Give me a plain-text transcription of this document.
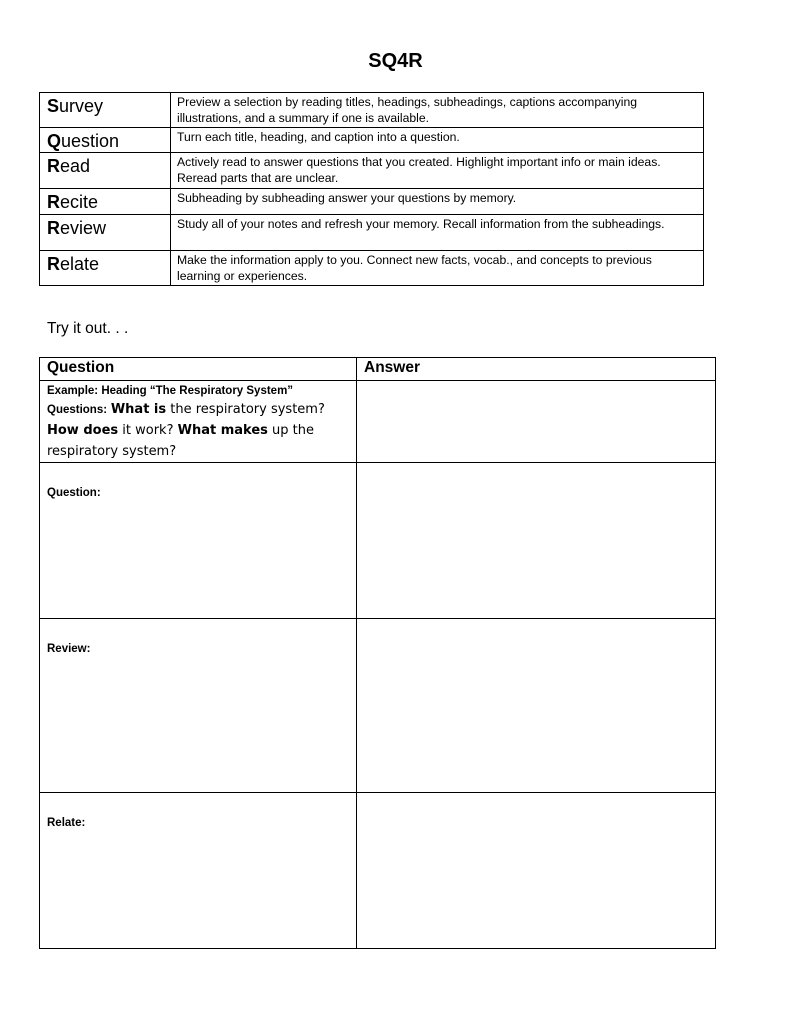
SQ4R
Survey	Preview a selection by reading titles, headings, subheadings, captions accompanying illustrations, and a summary if one is available.
Question	Turn each title, heading, and caption into a question.
Read	Actively read to answer questions that you created. Highlight important info or main ideas. Reread parts that are unclear.
Recite	Subheading by subheading answer your questions by memory.
Review	Study all of your notes and refresh your memory. Recall information from the subheadings.
Relate	Make the information apply to you. Connect new facts, vocab., and concepts to previous learning or experiences.
Try it out. . .
Question	Answer

Example: Heading “The Respiratory System”
Questions: What is the respiratory system? How does it work? What makes up the respiratory system?	

Question:	

Review:	

Relate:	
